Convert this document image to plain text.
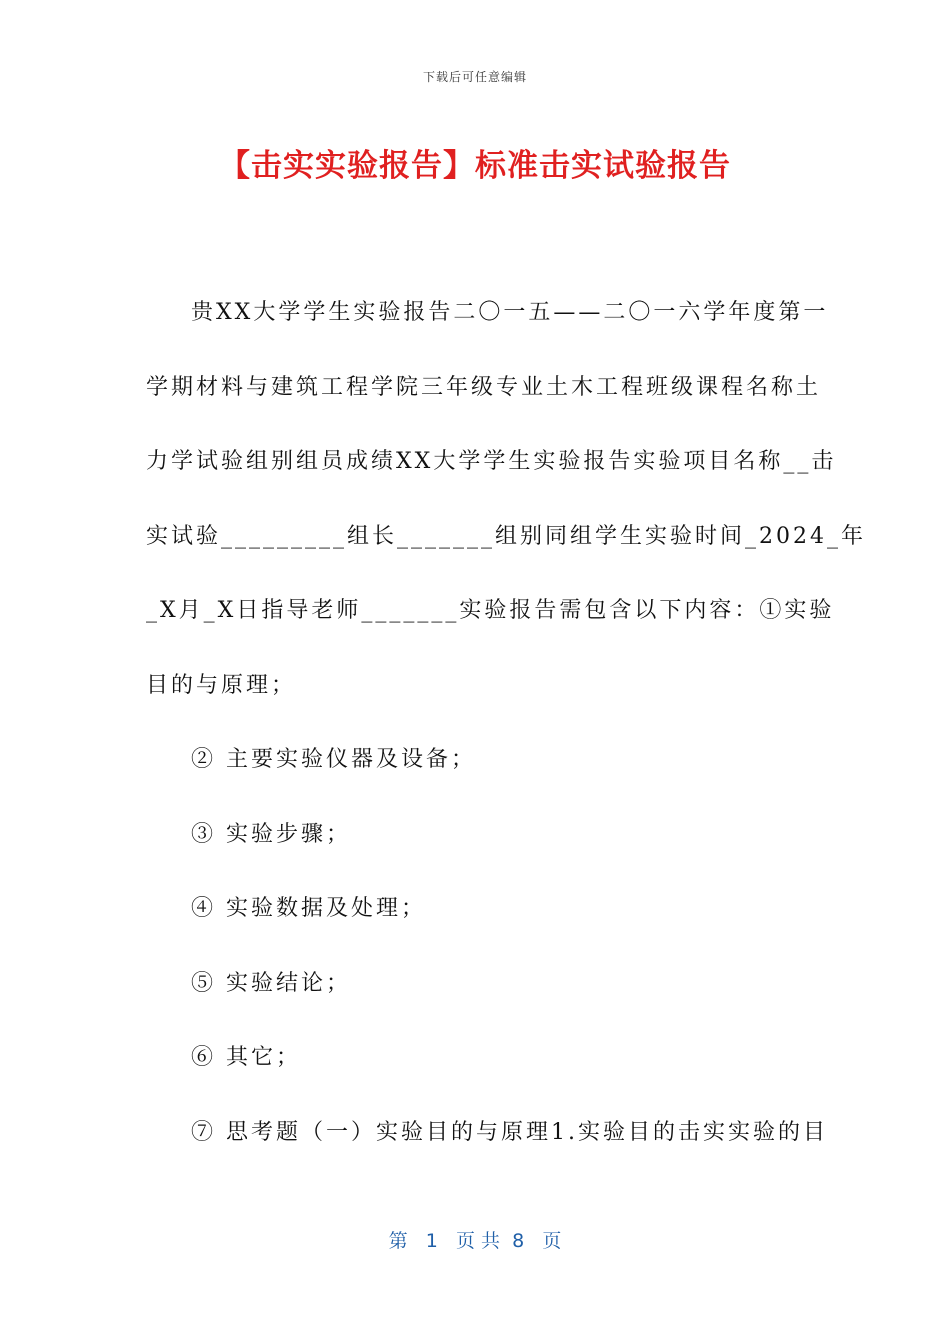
下载后可任意编辑
【击实实验报告】标准击实试验报告

贵XX大学学生实验报告二〇一五——二〇一六学年度第一

学期材料与建筑工程学院三年级专业土木工程班级课程名称土

力学试验组别组员成绩XX大学学生实验报告实验项目名称__击

实试验_________组长_______组别同组学生实验时间_2024_年

_X月_X日指导老师_______实验报告需包含以下内容：①实验

目的与原理；

② 主要实验仪器及设备；

③ 实验步骤；

④ 实验数据及处理；

⑤ 实验结论；

⑥ 其它；

⑦ 思考题（一）实验目的与原理1.实验目的击实实验的目

第   1   页 共  8   页
